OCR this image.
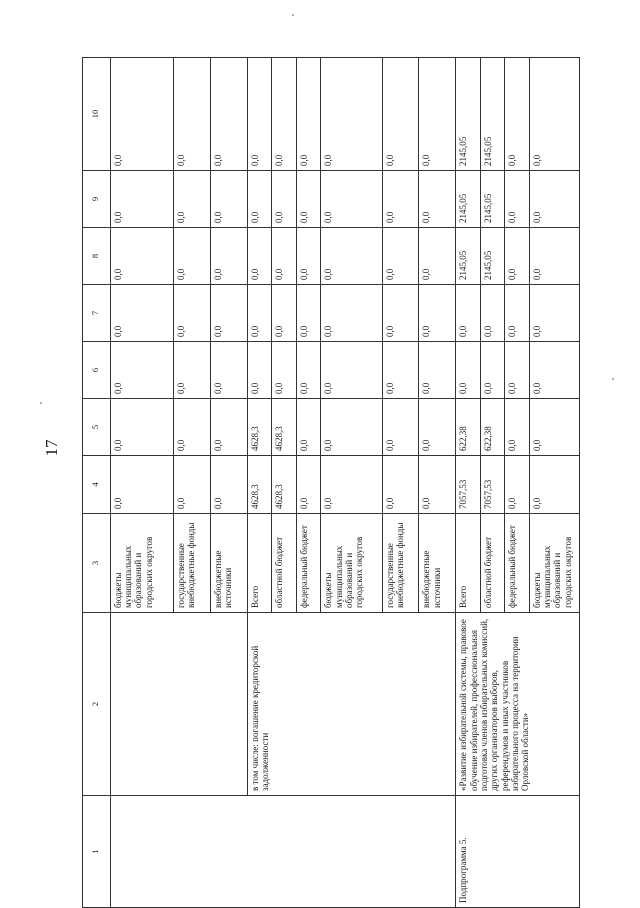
17
1	2	3	4	5	6	7	8	9	10
		бюджеты муниципальных образований и городских округов	0,0	0,0	0,0	0,0	0,0	0,0	0,0
		государственные внебюджетные фонды	0,0	0,0	0,0	0,0	0,0	0,0	0,0
		внебюджетные источники	0,0	0,0	0,0	0,0	0,0	0,0	0,0
	в том числе: погашение кредиторской задолженности	Всего	4628,3	4628,3	0,0	0,0	0,0	0,0	0,0
		областной бюджет	4628,3	4628,3	0,0	0,0	0,0	0,0	0,0
		федеральный бюджет	0,0	0,0	0,0	0,0	0,0	0,0	0,0
		бюджеты муниципальных образований и городских округов	0,0	0,0	0,0	0,0	0,0	0,0	0,0
		государственные внебюджетные фонды	0,0	0,0	0,0	0,0	0,0	0,0	0,0
		внебюджетные источники	0,0	0,0	0,0	0,0	0,0	0,0	0,0
Подпрограмма 5.	«Развитие избирательной системы, правовое обучение избирателей, профессиональная подготовка членов избирательных комиссий, других организаторов выборов, референдумов и иных участников избирательного процесса на территории Орловской области»	Всего	7057,53	622,38	0,0	0,0	2145,05	2145,05	2145,05
		областной бюджет	7057,53	622,38	0,0	0,0	2145,05	2145,05	2145,05
		федеральный бюджет	0,0	0,0	0,0	0,0	0,0	0,0	0,0
		бюджеты муниципальных образований и городских округов	0,0	0,0	0,0	0,0	0,0	0,0	0,0
